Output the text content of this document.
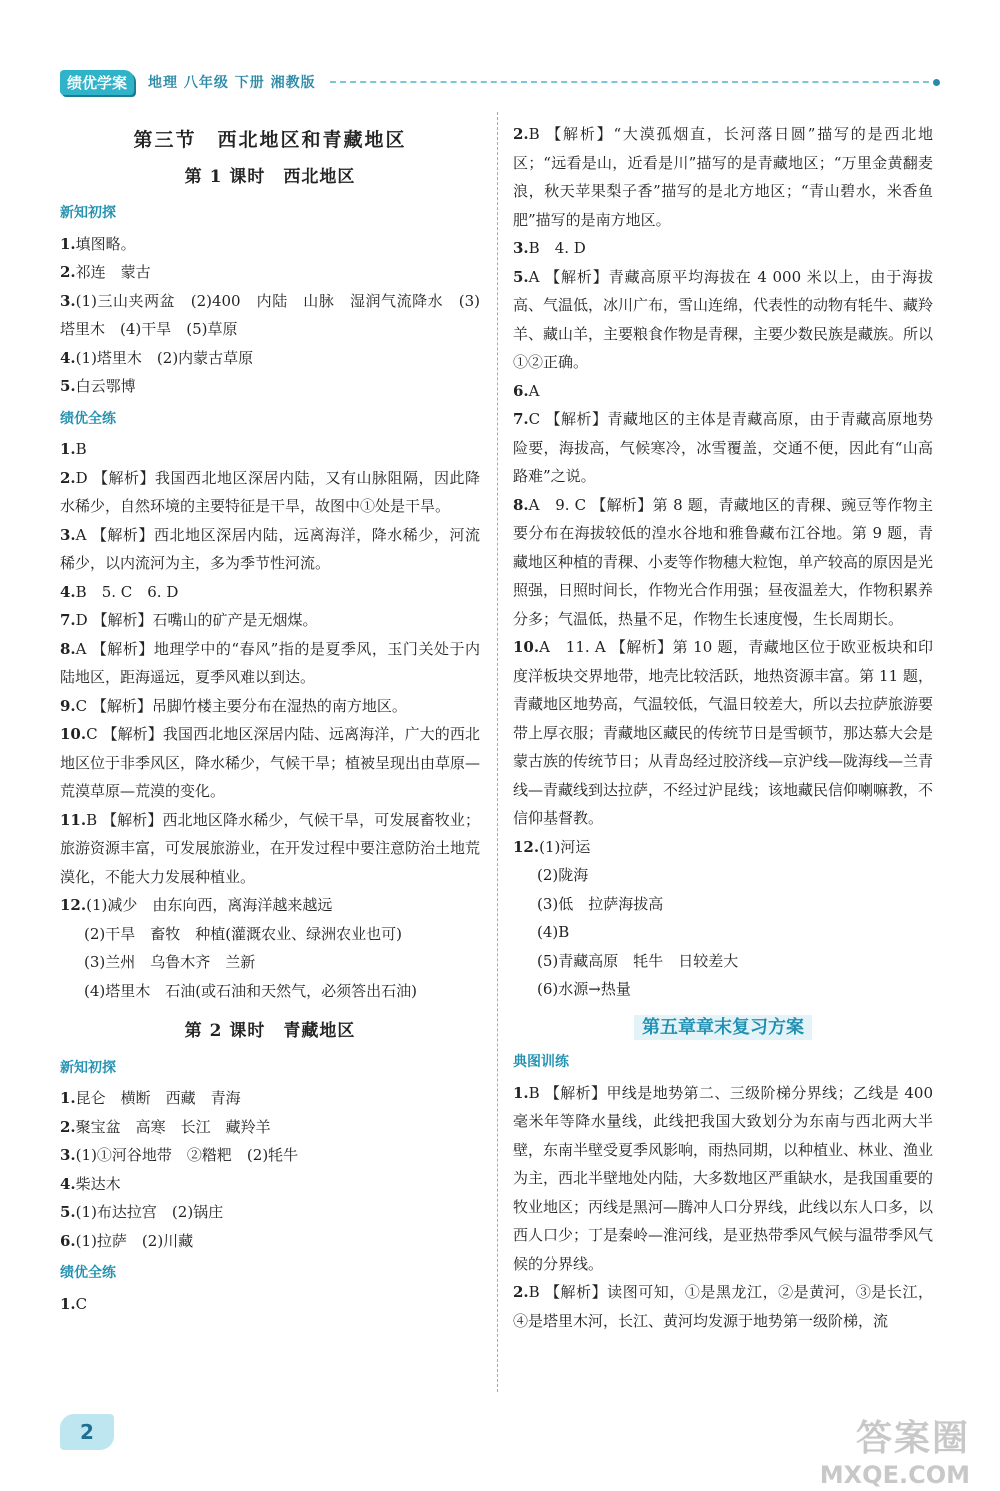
绩优学案	地理 八年级 下册 湘教版
第三节　西北地区和青藏地区
第 1 课时　西北地区
新知初探
1.填图略。
2.祁连　蒙古
3.(1)三山夹两盆　(2)400　内陆　山脉　湿润气流降水　(3)塔里木　(4)干旱　(5)草原
4.(1)塔里木　(2)内蒙古草原
5.白云鄂博
绩优全练
1.B
2.D 【解析】我国西北地区深居内陆，又有山脉阻隔，因此降水稀少，自然环境的主要特征是干旱，故图中①处是干旱。
3.A 【解析】西北地区深居内陆，远离海洋，降水稀少，河流稀少，以内流河为主，多为季节性河流。
4.B　5. C　6. D
7.D 【解析】石嘴山的矿产是无烟煤。
8.A 【解析】地理学中的“春风”指的是夏季风，玉门关处于内陆地区，距海遥远，夏季风难以到达。
9.C 【解析】吊脚竹楼主要分布在湿热的南方地区。
10.C 【解析】我国西北地区深居内陆、远离海洋，广大的西北地区位于非季风区，降水稀少，气候干旱；植被呈现出由草原—荒漠草原—荒漠的变化。
11.B 【解析】西北地区降水稀少，气候干旱，可发展畜牧业；旅游资源丰富，可发展旅游业，在开发过程中要注意防治土地荒漠化，不能大力发展种植业。
12.(1)减少　由东向西，离海洋越来越远
(2)干旱　畜牧　种植(灌溉农业、绿洲农业也可)
(3)兰州　乌鲁木齐　兰新
(4)塔里木　石油(或石油和天然气，必须答出石油)
第 2 课时　青藏地区
新知初探
1.昆仑　横断　西藏　青海
2.聚宝盆　高寒　长江　藏羚羊
3.(1)①河谷地带　②糌粑　(2)牦牛
4.柴达木
5.(1)布达拉宫　(2)锅庄
6.(1)拉萨　(2)川藏
绩优全练
1.C
2.B 【解析】“大漠孤烟直，长河落日圆”描写的是西北地区；“远看是山，近看是川”描写的是青藏地区；“万里金黄翻麦浪，秋天苹果梨子香”描写的是北方地区；“青山碧水，米香鱼肥”描写的是南方地区。
3.B　4. D
5.A 【解析】青藏高原平均海拔在 4 000 米以上，由于海拔高、气温低，冰川广布，雪山连绵，代表性的动物有牦牛、藏羚羊、藏山羊，主要粮食作物是青稞，主要少数民族是藏族。所以①②正确。
6.A
7.C 【解析】青藏地区的主体是青藏高原，由于青藏高原地势险要，海拔高，气候寒冷，冰雪覆盖，交通不便，因此有“山高路难”之说。
8.A　9. C 【解析】第 8 题，青藏地区的青稞、豌豆等作物主要分布在海拔较低的湟水谷地和雅鲁藏布江谷地。第 9 题，青藏地区种植的青稞、小麦等作物穗大粒饱，单产较高的原因是光照强，日照时间长，作物光合作用强；昼夜温差大，作物积累养分多；气温低，热量不足，作物生长速度慢，生长周期长。
10.A　11. A 【解析】第 10 题，青藏地区位于欧亚板块和印度洋板块交界地带，地壳比较活跃，地热资源丰富。第 11 题，青藏地区地势高，气温较低，气温日较差大，所以去拉萨旅游要带上厚衣服；青藏地区藏民的传统节日是雪顿节，那达慕大会是蒙古族的传统节日；从青岛经过胶济线—京沪线—陇海线—兰青线—青藏线到达拉萨，不经过沪昆线；该地藏民信仰喇嘛教，不信仰基督教。
12.(1)河运
(2)陇海
(3)低　拉萨海拔高
(4)B
(5)青藏高原　牦牛　日较差大
(6)水源→热量
第五章章末复习方案
典图训练
1.B 【解析】甲线是地势第二、三级阶梯分界线；乙线是 400 毫米年等降水量线，此线把我国大致划分为东南与西北两大半壁，东南半壁受夏季风影响，雨热同期，以种植业、林业、渔业为主，西北半壁地处内陆，大多数地区严重缺水，是我国重要的牧业地区；丙线是黑河—腾冲人口分界线，此线以东人口多，以西人口少；丁是秦岭—淮河线，是亚热带季风气候与温带季风气候的分界线。
2.B 【解析】读图可知，①是黑龙江，②是黄河，③是长江，④是塔里木河，长江、黄河均发源于地势第一级阶梯，流
2	答案圈
MXQE.COM
